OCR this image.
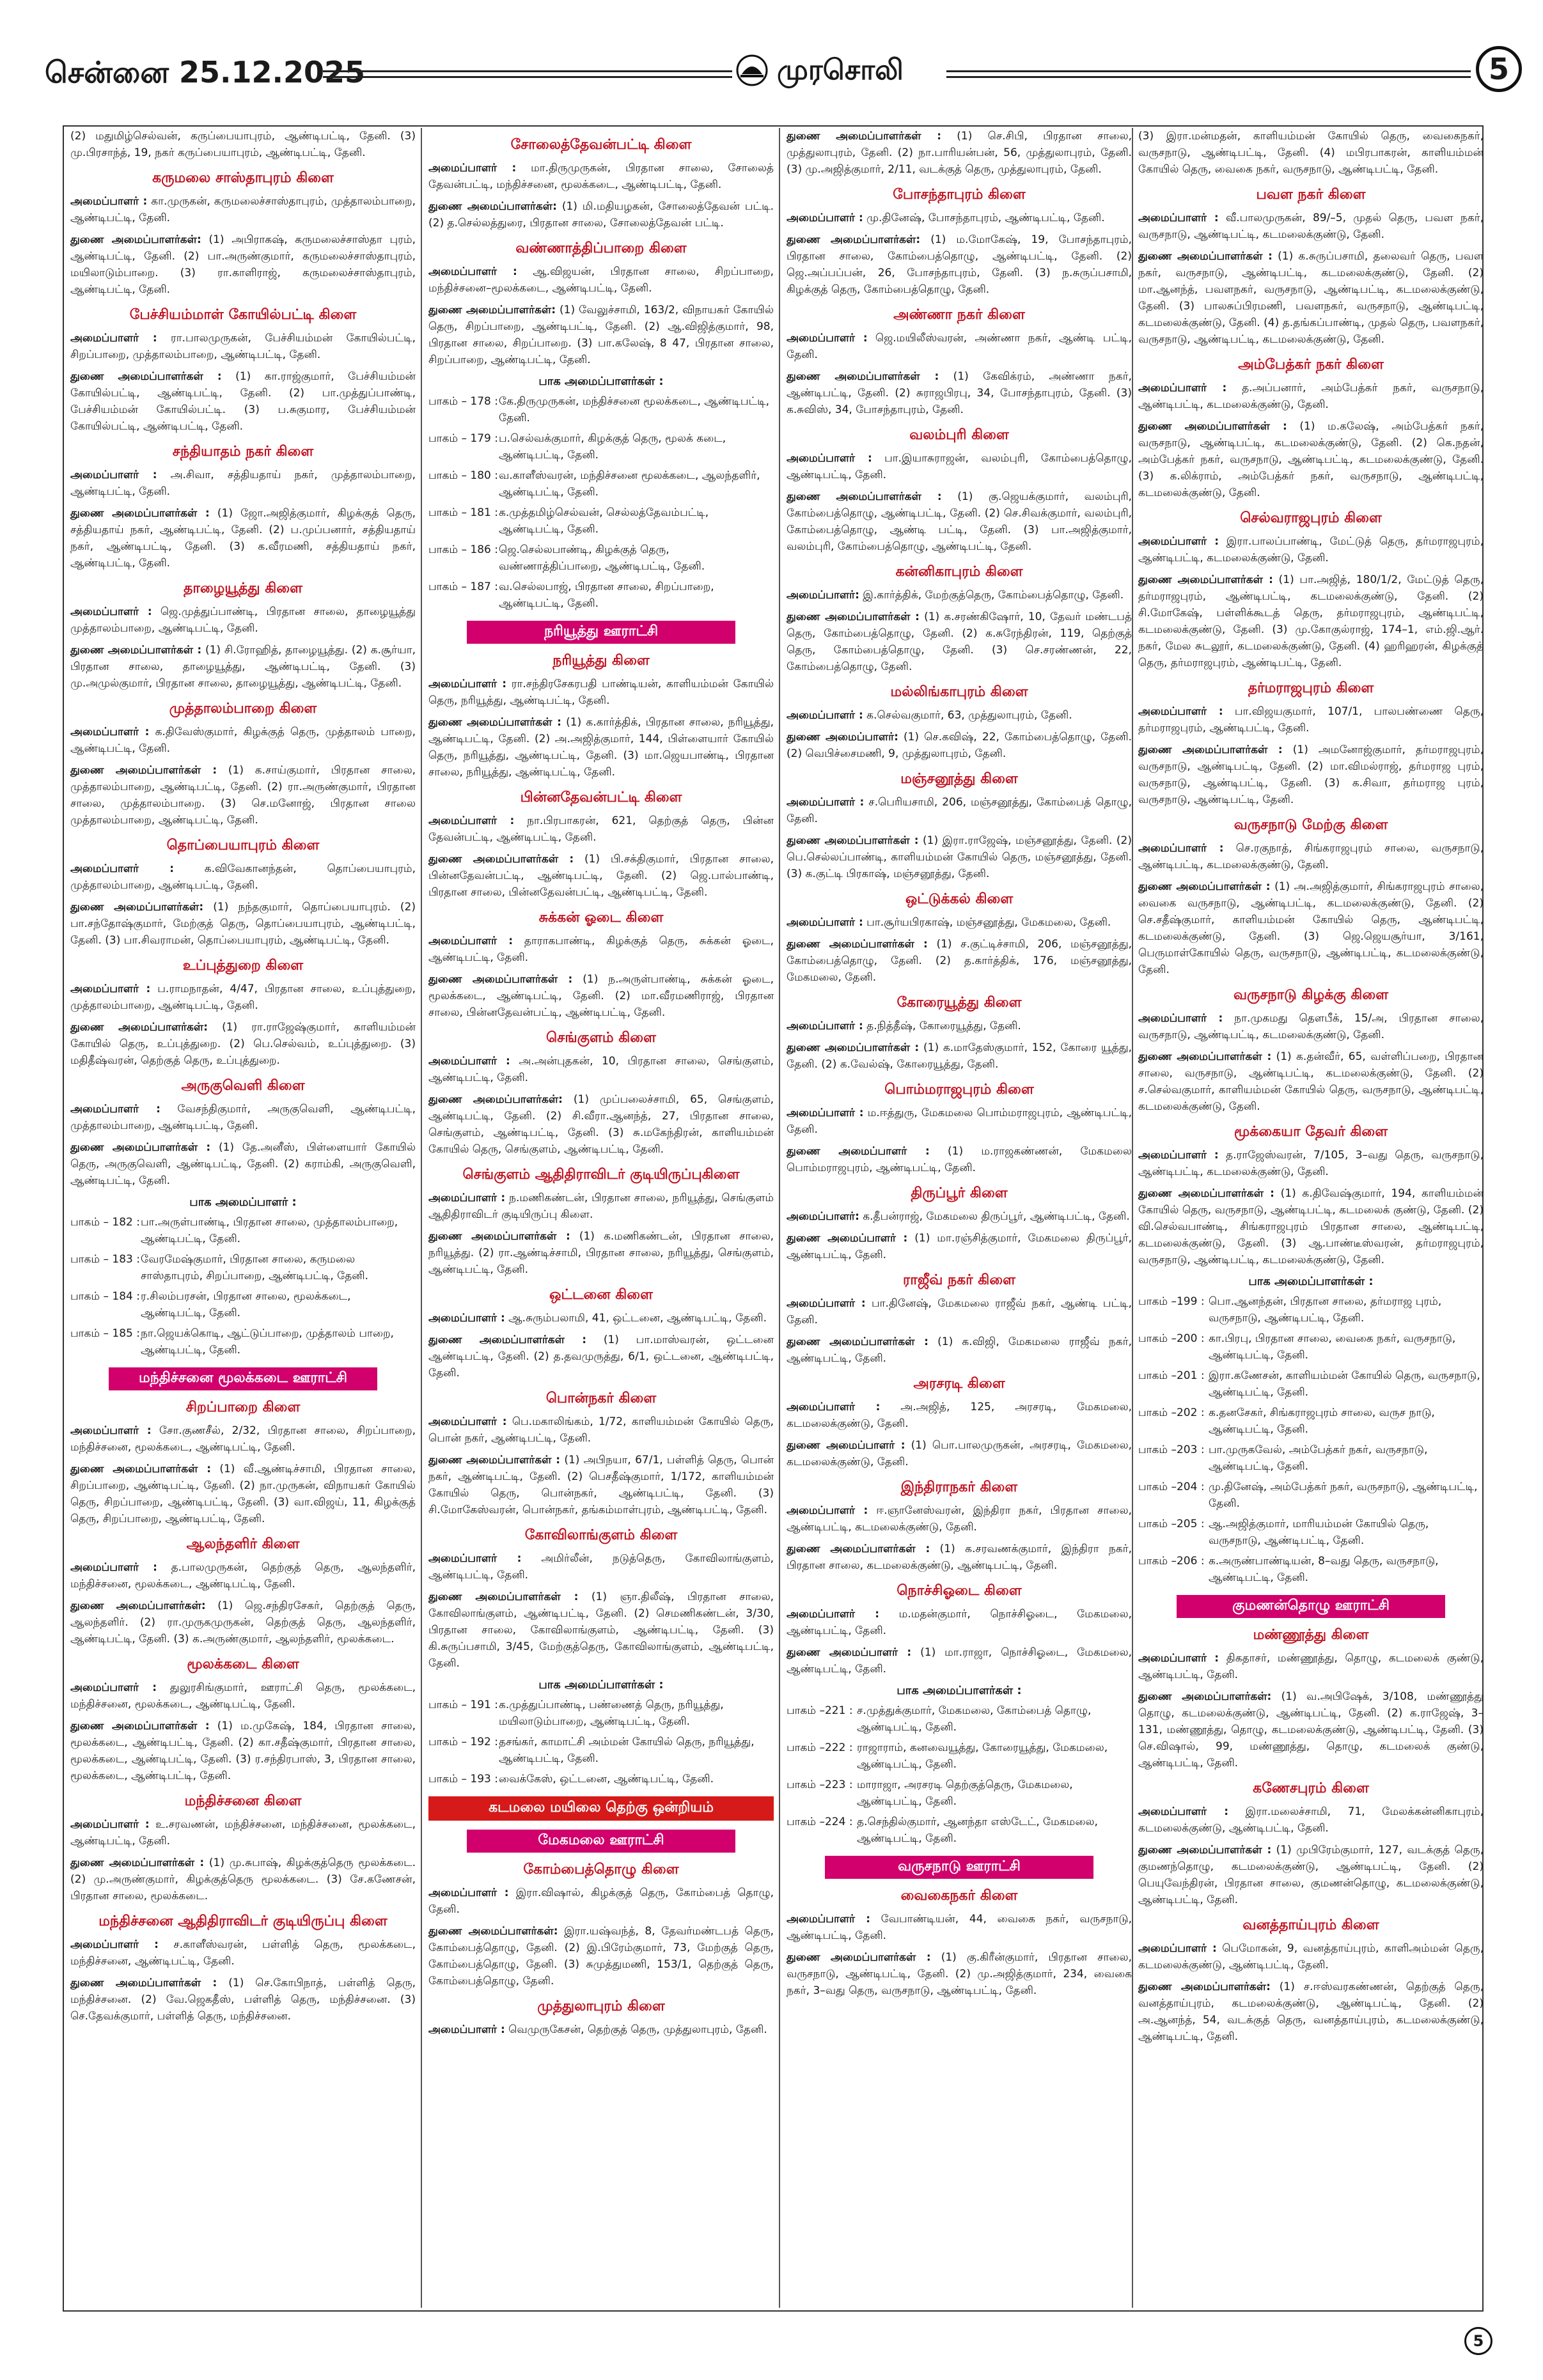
சென்னை 25.12.2025	முரசொலி	5

(2) மதுமிழ்செல்வன், கருப்பையாபுரம், ஆண்டிபட்டி, தேனி. (3) மு.பிரசாந்த், 19, நகர் கருப்பையாபுரம், ஆண்டிபட்டி, தேனி.

கருமலை சாஸ்தாபுரம் கிளை

அமைப்பாளர் : கா.முருகன், கருமலைச்சாஸ்தாபுரம், முத்தாலம்பாறை, ஆண்டிபட்டி, தேனி.

துணை அமைப்பாளர்கள்: (1) அபிராகஷ், கருமலைச்சாஸ்தா புரம், ஆண்டிபட்டி, தேனி. (2) பா.அருண்குமார், கருமலைச்சாஸ்தாபுரம், மயிலாடும்பாறை. (3) ரா.காளிராஜ், கருமலைச்சாஸ்தாபுரம், ஆண்டிபட்டி, தேனி.

பேச்சியம்மாள் கோயில்பட்டி கிளை

அமைப்பாளர் : ரா.பாலமுருகன், பேச்சியம்மன் கோயில்பட்டி, சிறப்பாறை, முத்தாலம்பாறை, ஆண்டிபட்டி, தேனி.

துணை அமைப்பாளர்கள் : (1) கா.ராஜ்குமார், பேச்சியம்மன் கோயில்பட்டி, ஆண்டிபட்டி, தேனி. (2) பா.முத்துப்பாண்டி, பேச்சியம்மன் கோயில்பட்டி. (3) ப.சுகுமார, பேச்சியம்மன் கோயில்பட்டி, ஆண்டிபட்டி, தேனி.

சந்தியாதம் நகர் கிளை

அமைப்பாளர் : அ.சிவா, சத்தியதாய் நகர், முத்தாலம்பாறை, ஆண்டிபட்டி, தேனி.

துணை அமைப்பாளர்கள் : (1) ஜோ.அஜித்குமார், கிழக்குத் தெரு, சத்தியதாய் நகர், ஆண்டிபட்டி, தேனி. (2) ப.முப்பனார், சத்தியதாய் நகர், ஆண்டிபட்டி, தேனி. (3) க.வீரமணி, சத்தியதாய் நகர், ஆண்டிபட்டி, தேனி.

தாழையூத்து கிளை

அமைப்பாளர் : ஜெ.முத்துப்பாண்டி, பிரதான சாலை, தாழையூத்து முத்தாலம்பாறை, ஆண்டிபட்டி, தேனி.

துணை அமைப்பாளர்கள் : (1) சி.ரோஹித், தாழையூத்து. (2) க.சூர்யா, பிரதான சாலை, தாழையூத்து, ஆண்டிபட்டி, தேனி. (3) மு.அமுல்குமார், பிரதான சாலை, தாழையூத்து, ஆண்டிபட்டி, தேனி.

முத்தாலம்பாறை கிளை

அமைப்பாளர் : க.திவேஸ்குமார், கிழக்குத் தெரு, முத்தாலம் பாறை, ஆண்டிபட்டி, தேனி.

துணை அமைப்பாளர்கள் : (1) க.சாய்குமார், பிரதான சாலை, முத்தாலம்பாறை, ஆண்டிபட்டி, தேனி. (2) ரா.அருண்குமார், பிரதான சாலை, முத்தாலம்பாறை. (3) செ.மனோஜ், பிரதான சாலை முத்தாலம்பாறை, ஆண்டிபட்டி, தேனி.

தொப்பையாபுரம் கிளை

அமைப்பாளர் : க.விவேகானந்தன், தொப்பையாபுரம், முத்தாலம்பாறை, ஆண்டிபட்டி, தேனி.

துணை அமைப்பாளர்கள்: (1) நந்தகுமார், தொப்பையாபுரம். (2) பா.சந்தோஷ்குமார், மேற்குத் தெரு, தொப்பையாபுரம், ஆண்டிபட்டி, தேனி. (3) பா.சிவராமன், தொப்பையாபுரம், ஆண்டிபட்டி, தேனி.

உப்புத்துறை கிளை

அமைப்பாளர் : ப.ராமநாதன், 4/47, பிரதான சாலை, உப்புத்துறை, முத்தாலம்பாறை, ஆண்டிபட்டி, தேனி.

துணை அமைப்பாளர்கள்: (1) ரா.ராஜேஷ்குமார், காளியம்மன் கோயில் தெரு, உப்புத்துறை. (2) பெ.செல்வம், உப்புத்துறை. (3) மதிதீஷ்வரன், தெற்குத் தெரு, உப்புத்துறை.

அருகுவெளி கிளை

அமைப்பாளர் : வேசந்திகுமார், அருகுவெளி, ஆண்டிபட்டி, முத்தாலம்பாறை, ஆண்டிபட்டி, தேனி.

துணை அமைப்பாளர்கள் : (1) தே.அனீஸ், பிள்ளையார் கோயில் தெரு, அருகுவெளி, ஆண்டிபட்டி, தேனி. (2) கராம்கி, அருகுவெளி, ஆண்டிபட்டி, தேனி.

பாக அமைப்பாளர் :
பாகம் – 182 : பா.அருள்பாண்டி, பிரதான சாலை, முத்தாலம்பாறை, ஆண்டிபட்டி, தேனி.
பாகம் – 183 : வேரமேஷ்குமார், பிரதான சாலை, கருமலை சாஸ்தாபுரம், சிறப்பாறை, ஆண்டிபட்டி, தேனி.
பாகம் – 184 : ர.சிலம்பரசன், பிரதான சாலை, மூலக்கடை, ஆண்டிபட்டி, தேனி.
பாகம் – 185 : நா.ஜெயக்கொடி, ஆட்டுப்பாறை, முத்தாலம் பாறை, ஆண்டிபட்டி, தேனி.
மந்திச்சனை மூலக்கடை ஊராட்சி
சிறப்பாறை கிளை

அமைப்பாளர் : சோ.குணசீல், 2/32, பிரதான சாலை, சிறப்பாறை, மந்திச்சனை, மூலக்கடை, ஆண்டிபட்டி, தேனி.

துணை அமைப்பாளர்கள் : (1) வீ.ஆண்டிச்சாமி, பிரதான சாலை, சிறப்பாறை, ஆண்டிபட்டி, தேனி. (2) நா.முருகன், விநாயகர் கோயில் தெரு, சிறப்பாறை, ஆண்டிபட்டி, தேனி. (3) வா.விஜய், 11, கிழக்குத் தெரு, சிறப்பாறை, ஆண்டிபட்டி, தேனி.

ஆலந்தளிர் கிளை

அமைப்பாளர் : த.பாலமுருகன், தெற்குத் தெரு, ஆலந்தளிர், மந்திச்சனை, மூலக்கடை, ஆண்டிபட்டி, தேனி.

துணை அமைப்பாளர்கள்: (1) ஜெ.சந்திரசேகர், தெற்குத் தெரு, ஆலந்தளிர். (2) ரா.முருகமுருகன், தெற்குத் தெரு, ஆலந்தளிர், ஆண்டிபட்டி, தேனி. (3) க.அருண்குமார், ஆலந்தளிர், மூலக்கடை.

மூலக்கடை கிளை

அமைப்பாளர் : துலுரசிங்குமார், ஊராட்சி தெரு, மூலக்கடை, மந்திச்சனை, மூலக்கடை, ஆண்டிபட்டி, தேனி.

துணை அமைப்பாளர்கள் : (1) ம.முகேஷ், 184, பிரதான சாலை, மூலக்கடை, ஆண்டிபட்டி, தேனி. (2) கா.சதீஷ்குமார், பிரதான சாலை, மூலக்கடை, ஆண்டிபட்டி, தேனி. (3) ர.சந்திரபாஸ், 3, பிரதான சாலை, மூலக்கடை, ஆண்டிபட்டி, தேனி.

மந்திச்சனை கிளை

அமைப்பாளர் : உ.சரவணன், மந்திச்சனை, மந்திச்சனை, மூலக்கடை, ஆண்டிபட்டி, தேனி.

துணை அமைப்பாளர்கள் : (1) மு.சுபாஷ், கிழக்குத்தெரு மூலக்கடை. (2) மு.அருண்குமார், கிழக்குத்தெரு மூலக்கடை. (3) சே.கணேசன், பிரதான சாலை, மூலக்கடை.

மந்திச்சனை ஆதிதிராவிடர் குடியிருப்பு கிளை

அமைப்பாளர் : ச.காளீஸ்வரன், பள்ளித் தெரு, மூலக்கடை, மந்திச்சனை, ஆண்டிபட்டி, தேனி.

துணை அமைப்பாளர்கள் : (1) செ.கோபிநாத், பள்ளித் தெரு, மந்திச்சனை. (2) வே.ஜெகதீஸ், பள்ளித் தெரு, மந்திச்சனை. (3) செ.தேவக்குமார், பள்ளித் தெரு, மந்திச்சனை.

சோலைத்தேவன்பட்டி கிளை

அமைப்பாளர் : மா.திருமுருகன், பிரதான சாலை, சோலைத் தேவன்பட்டி, மந்திச்சனை, மூலக்கடை, ஆண்டிபட்டி, தேனி.

துணை அமைப்பாளர்கள்: (1) மி.மதியழகன், சோலைத்தேவன் பட்டி. (2) த.செல்லத்துரை, பிரதான சாலை, சோலைத்தேவன் பட்டி.

வண்ணாத்திப்பாறை கிளை

அமைப்பாளர் : ஆ.விஜயன், பிரதான சாலை, சிறப்பாறை, மந்திச்சனை–மூலக்கடை, ஆண்டிபட்டி, தேனி.

துணை அமைப்பாளர்கள்: (1) வேலுச்சாமி, 163/2, விநாயகர் கோயில் தெரு, சிறப்பாறை, ஆண்டிபட்டி, தேனி. (2) ஆ.விஜித்குமார், 98, பிரதான சாலை, சிறப்பாறை. (3) பா.கலேஷ், 8 47, பிரதான சாலை, சிறப்பாறை, ஆண்டிபட்டி, தேனி.

பாக அமைப்பாளர்கள் :
பாகம் – 178 : கே.திருமுருகன், மந்திச்சனை மூலக்கடை, ஆண்டிபட்டி, தேனி.
பாகம் – 179 : ப.செல்வக்குமார், கிழக்குத் தெரு, மூலக் கடை, ஆண்டிபட்டி, தேனி.
பாகம் – 180 : வ.காளீஸ்வரன், மந்திச்சனை மூலக்கடை, ஆலந்தளிர், ஆண்டிபட்டி, தேனி.
பாகம் – 181 : க.முத்தமிழ்செல்வன், செல்லத்தேவம்பட்டி, ஆண்டிபட்டி, தேனி.
பாகம் – 186 : ஜெ.செல்லபாண்டி, கிழக்குத் தெரு, வண்ணாத்திப்பாறை, ஆண்டிபட்டி, தேனி.
பாகம் – 187 : வ.செல்லபாஜ், பிரதான சாலை, சிறப்பாறை, ஆண்டிபட்டி, தேனி.
நரியூத்து ஊராட்சி
நரியூத்து கிளை

அமைப்பாளர் : ரா.சந்திரசேகரபதி பாண்டியன், காளியம்மன் கோயில் தெரு, நரியூத்து, ஆண்டிபட்டி, தேனி.

துணை அமைப்பாளர்கள் : (1) க.கார்த்திக், பிரதான சாலை, நரியூத்து, ஆண்டிபட்டி, தேனி. (2) அ.அஜித்குமார், 144, பிள்ளையார் கோயில் தெரு, நரியூத்து, ஆண்டிபட்டி, தேனி. (3) மா.ஜெயபாண்டி, பிரதான சாலை, நரியூத்து, ஆண்டிபட்டி, தேனி.

பின்னதேவன்பட்டி கிளை

அமைப்பாளர் : நா.பிரபாகரன், 621, தெற்குத் தெரு, பின்ன தேவன்பட்டி, ஆண்டிபட்டி, தேனி.

துணை அமைப்பாளர்கள் : (1) பி.சக்திகுமார், பிரதான சாலை, பின்னதேவன்பட்டி, ஆண்டிபட்டி, தேனி. (2) ஜெ.பால்பாண்டி, பிரதான சாலை, பின்னதேவன்பட்டி, ஆண்டிபட்டி, தேனி.

சுக்கன் ஓடை கிளை

அமைப்பாளர் : தாராகபாண்டி, கிழக்குத் தெரு, சுக்கன் ஓடை, ஆண்டிபட்டி, தேனி.

துணை அமைப்பாளர்கள் : (1) ந.அருள்பாண்டி, சுக்கன் ஓடை, மூலக்கடை, ஆண்டிபட்டி, தேனி. (2) மா.வீரமணிராஜ், பிரதான சாலை, பின்னதேவன்பட்டி, ஆண்டிபட்டி, தேனி.

செங்குளம் கிளை

அமைப்பாளர் : அ.அன்புதகன், 10, பிரதான சாலை, செங்குளம், ஆண்டிபட்டி, தேனி.

துணை அமைப்பாளர்கள்: (1) முப்பலைச்சாமி, 65, செங்குளம், ஆண்டிபட்டி, தேனி. (2) சி.வீரா.ஆனந்த், 27, பிரதான சாலை, செங்குளம், ஆண்டிபட்டி, தேனி. (3) சு.மகேந்திரன், காளியம்மன் கோயில் தெரு, செங்குளம், ஆண்டிபட்டி, தேனி.

செங்குளம் ஆதிதிராவிடர் குடியிருப்புகிளை

அமைப்பாளர் : ந.மணிகண்டன், பிரதான சாலை, நரியூத்து, செங்குளம் ஆதிதிராவிடர் குடியிருப்பு கிளை.

துணை அமைப்பாளர்கள் : (1) க.மணிகண்டன், பிரதான சாலை, நரியூத்து. (2) ரா.ஆண்டிச்சாமி, பிரதான சாலை, நரியூத்து, செங்குளம், ஆண்டிபட்டி, தேனி.

ஒட்டனை கிளை

அமைப்பாளர் : ஆ.சுரும்பலாமி, 41, ஒட்டனை, ஆண்டிபட்டி, தேனி.

துணை அமைப்பாளர்கள் : (1) பா.மாஸ்வரன், ஒட்டனை ஆண்டிபட்டி, தேனி. (2) த.தவமுருத்து, 6/1, ஒட்டனை, ஆண்டிபட்டி, தேனி.

பொன்நகர் கிளை

அமைப்பாளர் : பெ.மகாலிங்கம், 1/72, காளியம்மன் கோயில் தெரு, பொன் நகர், ஆண்டிபட்டி, தேனி.

துணை அமைப்பாளர்கள் : (1) அபிநயா, 67/1, பள்ளித் தெரு, பொன் நகர், ஆண்டிபட்டி, தேனி. (2) பெசதீஷ்குமார், 1/172, காளியம்மன் கோயில் தெரு, பொன்நகர், ஆண்டிபட்டி, தேனி. (3) சி.மோகேஸ்வரன், பொன்நகர், தங்கம்மாள்புரம், ஆண்டிபட்டி, தேனி.

கோவிலாங்குளம் கிளை

அமைப்பாளர் : அமிர்லீன், நடுத்தெரு, கோவிலாங்குளம், ஆண்டிபட்டி, தேனி.

துணை அமைப்பாளர்கள் : (1) ஞா.திலீஷ், பிரதான சாலை, கோவிலாங்குளம், ஆண்டிபட்டி, தேனி. (2) செமணிகண்டன், 3/30, பிரதான சாலை, கோவிலாங்குளம், ஆண்டிபட்டி, தேனி. (3) கி.சுருப்பசாமி, 3/45, மேற்குத்தெரு, கோவிலாங்குளம், ஆண்டிபட்டி, தேனி.

பாக அமைப்பாளர்கள் :
பாகம் – 191 : க.முத்துப்பாண்டி, பண்ணைத் தெரு, நரியூத்து, மயிலாடும்பாறை, ஆண்டிபட்டி, தேனி.
பாகம் – 192 : தசங்கர், காமாட்சி அம்மன் கோயில் தெரு, நரியூத்து, ஆண்டிபட்டி, தேனி.
பாகம் – 193 : வைக்கேஸ், ஒட்டனை, ஆண்டிபட்டி, தேனி.
கடமலை மயிலை தெற்கு ஒன்றியம்
மேகமலை ஊராட்சி
கோம்பைத்தொழு கிளை

அமைப்பாளர் : இரா.விஷால், கிழக்குத் தெரு, கோம்பைத் தொழு, தேனி.

துணை அமைப்பாளர்கள்: இரா.யஷ்வந்த், 8, தேவர்மண்டபத் தெரு, கோம்பைத்தொழு, தேனி. (2) இ.பிரேம்குமார், 73, மேற்குத் தெரு, கோம்பைத்தொழு, தேனி. (3) சுமுத்துமணி, 153/1, தெற்குத் தெரு, கோம்பைத்தொழு, தேனி.

முத்துலாபுரம் கிளை

அமைப்பாளர் : வெமுருகேசன், தெற்குத் தெரு, முத்துலாபுரம், தேனி.

துணை அமைப்பாளர்கள் : (1) செ.சிபி, பிரதான சாலை, முத்துலாபுரம், தேனி. (2) நா.பாரியன்பன், 56, முத்துலாபுரம், தேனி. (3) மு.அஜித்குமார், 2/11, வடக்குத் தெரு, முத்துலாபுரம், தேனி.

போசந்தாபுரம் கிளை

அமைப்பாளர் : மு.தினேஷ், போசந்தாபுரம், ஆண்டிபட்டி, தேனி.

துணை அமைப்பாளர்கள்: (1) ம.மோகேஷ், 19, போசந்தாபுரம், பிரதான சாலை, கோம்பைத்தொழு, ஆண்டிபட்டி, தேனி. (2) ஜெ.அப்பப்பன், 26, போசந்தாபுரம், தேனி. (3) ந.சுருப்பசாமி, கிழக்குத் தெரு, கோம்பைத்தொழு, தேனி.

அண்ணா நகர் கிளை

அமைப்பாளர் : ஜெ.மயிலீஸ்வரன், அண்ணா நகர், ஆண்டி பட்டி, தேனி.

துணை அமைப்பாளர்கள் : (1) கேவிக்ரம், அண்ணா நகர், ஆண்டிபட்டி, தேனி. (2) சுராஜபிரபு, 34, போசந்தாபுரம், தேனி. (3) க.சுவிஸ், 34, போசந்தாபுரம், தேனி.

வலம்புரி கிளை

அமைப்பாளர் : பா.இயாசுராஜன், வலம்புரி, கோம்பைத்தொழு, ஆண்டிபட்டி, தேனி.

துணை அமைப்பாளர்கள் : (1) கு.ஜெயக்குமார், வலம்புரி, கோம்பைத்தொழு, ஆண்டிபட்டி, தேனி. (2) செ.சிவக்குமார், வலம்புரி, கோம்பைத்தொழு, ஆண்டி பட்டி, தேனி. (3) பா.அஜித்குமார், வலம்புரி, கோம்பைத்தொழு, ஆண்டிபட்டி, தேனி.

கன்னிகாபுரம் கிளை

அமைப்பாளர்: இ.கார்த்திக், மேற்குத்தெரு, கோம்பைத்தொழு, தேனி.

துணை அமைப்பாளர்கள் : (1) க.சரண்கிஷோர், 10, தேவர் மண்டபத் தெரு, கோம்பைத்தொழு, தேனி. (2) க.சுரேந்திரன், 119, தெற்குத் தெரு, கோம்பைத்தொழு, தேனி. (3) செ.சரண்ணன், 22, கோம்பைத்தொழு, தேனி.

மல்லிங்காபுரம் கிளை

அமைப்பாளர் : க.செல்வகுமார், 63, முத்துலாபுரம், தேனி.

துணை அமைப்பாளர்: (1) செ.கவிஷ், 22, கோம்பைத்தொழு, தேனி. (2) வெபிச்சைமணி, 9, முத்துலாபுரம், தேனி.

மஞ்சனூத்து கிளை

அமைப்பாளர் : ச.பெரியசாமி, 206, மஞ்சனூத்து, கோம்பைத் தொழு, தேனி.

துணை அமைப்பாளர்கள் : (1) இரா.ராஜேஷ், மஞ்சனூத்து, தேனி. (2) பெ.செல்லப்பாண்டி, காளியம்மன் கோயில் தெரு, மஞ்சனூத்து, தேனி. (3) க.குட்டி பிரகாஷ், மஞ்சனூத்து, தேனி.

ஒட்டுக்கல் கிளை

அமைப்பாளர் : பா.சூர்யபிரகாஷ், மஞ்சனூத்து, மேகமலை, தேனி.

துணை அமைப்பாளர்கள் : (1) ச.குட்டிச்சாமி, 206, மஞ்சனூத்து, கோம்பைத்தொழு, தேனி. (2) த.கார்த்திக், 176, மஞ்சனூத்து, மேகமலை, தேனி.

கோரையூத்து கிளை

அமைப்பாளர் : த.நித்தீஷ், கோரையூத்து, தேனி.

துணை அமைப்பாளர்கள் : (1) க.மாதேஸ்குமார், 152, கோரை யூத்து, தேனி. (2) க.வேல்ஷ், கோரையூத்து, தேனி.

பொம்மராஜபுரம் கிளை

அமைப்பாளர் : ம.ஈத்துரு, மேகமலை பொம்மராஜபுரம், ஆண்டிபட்டி, தேனி.

துணை அமைப்பாளர் : (1) ம.ராஜகண்ணன், மேகமலை பொம்மராஜபுரம், ஆண்டிபட்டி, தேனி.

திருப்பூர் கிளை

அமைப்பாளர்: க.தீபன்ராஜ், மேகமலை திருப்பூர், ஆண்டிபட்டி, தேனி.

துணை அமைப்பாளர் : (1) மா.ரஞ்சித்குமார், மேகமலை திருப்பூர், ஆண்டிபட்டி, தேனி.

ராஜீவ் நகர் கிளை

அமைப்பாளர் : பா.தினேஷ், மேகமலை ராஜீவ் நகர், ஆண்டி பட்டி, தேனி.

துணை அமைப்பாளர்கள் : (1) க.விஜி, மேகமலை ராஜீவ் நகர், ஆண்டிபட்டி, தேனி.

அரசரடி கிளை

அமைப்பாளர் : அ.அஜித், 125, அரசரடி, மேகமலை, கடமலைக்குண்டு, தேனி.

துணை அமைப்பாளர் : (1) பொ.பாலமுருகன், அரசரடி, மேகமலை, கடமலைக்குண்டு, தேனி.

இந்திராநகர் கிளை

அமைப்பாளர் : ஈ.ஞானேஸ்வரன், இந்திரா நகர், பிரதான சாலை, ஆண்டிபட்டி, கடமலைக்குண்டு, தேனி.

துணை அமைப்பாளர்கள் : (1) க.சரவணக்குமார், இந்திரா நகர், பிரதான சாலை, கடமலைக்குண்டு, ஆண்டிபட்டி, தேனி.

நொச்சிஓடை கிளை

அமைப்பாளர் : ம.மதன்குமார், நொச்சிஓடை, மேகமலை, ஆண்டிபட்டி, தேனி.

துணை அமைப்பாளர் : (1) மா.ராஜா, நொச்சிஓடை, மேகமலை, ஆண்டிபட்டி, தேனி.

பாக அமைப்பாளர்கள் :
பாகம் –221 : ச.முத்துக்குமார், மேகமலை, கோம்பைத் தொழு, ஆண்டிபட்டி, தேனி.
பாகம் –222 : ராஜாராம், கனவையூத்து, கோரையூத்து, மேகமலை, ஆண்டிபட்டி, தேனி.
பாகம் –223 : மாராஜா, அரசரடி தெற்குத்தெரு, மேகமலை, ஆண்டிபட்டி, தேனி.
பாகம் –224 : த.செந்தில்குமார், ஆனந்தா எஸ்டேட், மேகமலை, ஆண்டிபட்டி, தேனி.
வருசநாடு ஊராட்சி
வைகைநகர் கிளை

அமைப்பாளர் : வேபாண்டியன், 44, வைகை நகர், வருசநாடு, ஆண்டிபட்டி, தேனி.

துணை அமைப்பாளர்கள் : (1) கு.கிரீன்குமார், பிரதான சாலை, வருசநாடு, ஆண்டிபட்டி, தேனி. (2) மு.அஜித்குமார், 234, வைகை நகர், 3–வது தெரு, வருசநாடு, ஆண்டிபட்டி, தேனி.

(3) இரா.மன்மதன், காளியம்மன் கோயில் தெரு, வைகைநகர், வருசநாடு, ஆண்டிபட்டி, தேனி. (4) மபிரபாகரன், காளியம்மன் கோயில் தெரு, வைகை நகர், வருசநாடு, ஆண்டிபட்டி, தேனி.

பவள நகர் கிளை

அமைப்பாளர் : வீ.பாலமுருகன், 89/–5, முதல் தெரு, பவள நகர், வருசநாடு, ஆண்டிபட்டி, கடமலைக்குண்டு, தேனி.

துணை அமைப்பாளர்கள் : (1) க.சுருப்பசாமி, தலைவர் தெரு, பவள நகர், வருசநாடு, ஆண்டிபட்டி, கடமலைக்குண்டு, தேனி. (2) மா.ஆனந்த், பவளநகர், வருசநாடு, ஆண்டிபட்டி, கடமலைக்குண்டு, தேனி. (3) பாலசுப்பிரமணி, பவளநகர், வருசநாடு, ஆண்டிபட்டி, கடமலைக்குண்டு, தேனி. (4) த.தங்கப்பாண்டி, முதல் தெரு, பவளநகர், வருசநாடு, ஆண்டிபட்டி, கடமலைக்குண்டு, தேனி.

அம்பேத்கர் நகர் கிளை

அமைப்பாளர் : த.அப்பனார், அம்பேத்கர் நகர், வருசநாடு, ஆண்டிபட்டி, கடமலைக்குண்டு, தேனி.

துணை அமைப்பாளர்கள் : (1) ம.கலேஷ், அம்பேத்கர் நகர், வருசநாடு, ஆண்டிபட்டி, கடமலைக்குண்டு, தேனி. (2) கெ.நதன், அம்பேத்கர் நகர், வருசநாடு, ஆண்டிபட்டி, கடமலைக்குண்டு, தேனி. (3) க.லிக்ராம், அம்பேத்கர் நகர், வருசநாடு, ஆண்டிபட்டி, கடமலைக்குண்டு, தேனி.

செல்வராஜபுரம் கிளை

அமைப்பாளர் : இரா.பாலப்பாண்டி, மேட்டுத் தெரு, தர்மராஜபுரம், ஆண்டிபட்டி, கடமலைக்குண்டு, தேனி.

துணை அமைப்பாளர்கள் : (1) பா.அஜித், 180/1/2, மேட்டுத் தெரு, தர்மராஜபுரம், ஆண்டிபட்டி, கடமலைக்குண்டு, தேனி. (2) சி.மோகேஷ், பள்ளிக்கூடத் தெரு, தர்மராஜபுரம், ஆண்டிபட்டி, கடமலைக்குண்டு, தேனி. (3) மு.கோகுல்ராஜ், 174–1, எம்.ஜி.ஆர். நகர், மேல சுடலூர், கடமலைக்குண்டு, தேனி. (4) ஹரிஹரன், கிழக்குத் தெரு, தர்மராஜபுரம், ஆண்டிபட்டி, தேனி.

தர்மராஜபுரம் கிளை

அமைப்பாளர் : பா.விஜயகுமார், 107/1, பாலபண்ணை தெரு, தர்மராஜபுரம், ஆண்டிபட்டி, தேனி.

துணை அமைப்பாளர்கள் : (1) அமனோஜ்குமார், தர்மராஜபுரம், வருசநாடு, ஆண்டிபட்டி, தேனி. (2) மா.விமல்ராஜ், தர்மராஜ புரம், வருசநாடு, ஆண்டிபட்டி, தேனி. (3) க.சிவா, தர்மராஜ புரம், வருசநாடு, ஆண்டிபட்டி, தேனி.

வருசநாடு மேற்கு கிளை

அமைப்பாளர் : செ.ரகுநாத், சிங்கராஜபுரம் சாலை, வருசநாடு, ஆண்டிபட்டி, கடமலைக்குண்டு, தேனி.

துணை அமைப்பாளர்கள் : (1) அ.அஜித்குமார், சிங்கராஜபுரம் சாலை, வைகை வருசநாடு, ஆண்டிபட்டி, கடமலைக்குண்டு, தேனி. (2) செ.சதீஷ்குமார், காளியம்மன் கோயில் தெரு, ஆண்டிபட்டி, கடமலைக்குண்டு, தேனி. (3) ஜெ.ஜெயசூர்யா, 3/161, பெருமாள்கோயில் தெரு, வருசநாடு, ஆண்டிபட்டி, கடமலைக்குண்டு, தேனி.

வருசநாடு கிழக்கு கிளை

அமைப்பாளர் : நா.முகமது தௌபீக், 15/அ, பிரதான சாலை, வருசநாடு, ஆண்டிபட்டி, கடமலைக்குண்டு, தேனி.

துணை அமைப்பாளர்கள் : (1) க.தன்வீர், 65, வள்ளிப்பறை, பிரதான சாலை, வருசநாடு, ஆண்டிபட்டி, கடமலைக்குண்டு, தேனி. (2) ச.செல்வகுமார், காளியம்மன் கோயில் தெரு, வருசநாடு, ஆண்டிபட்டி, கடமலைக்குண்டு, தேனி.

மூக்கையா தேவர் கிளை

அமைப்பாளர் : த.ராஜேஸ்வரன், 7/105, 3–வது தெரு, வருசநாடு, ஆண்டிபட்டி, கடமலைக்குண்டு, தேனி.

துணை அமைப்பாளர்கள் : (1) க.திவேஷ்குமார், 194, காளியம்மன் கோயில் தெரு, வருசநாடு, ஆண்டிபட்டி, கடமலைக் குண்டு, தேனி. (2) வி.செல்வபாண்டி, சிங்கராஜபுரம் பிரதான சாலை, ஆண்டிபட்டி, கடமலைக்குண்டு, தேனி. (3) ஆ.பாண்டீஸ்வரன், தர்மராஜபுரம், வருசநாடு, ஆண்டிபட்டி, கடமலைக்குண்டு, தேனி.

பாக அமைப்பாளர்கள் :
பாகம் –199 : பொ.ஆனந்தன், பிரதான சாலை, தர்மராஜ புரம், வருசநாடு, ஆண்டிபட்டி, தேனி.
பாகம் –200 : கா.பிரபு, பிரதான சாலை, வைகை நகர், வருசநாடு, ஆண்டிபட்டி, தேனி.
பாகம் –201 : இரா.கணேசன், காளியம்மன் கோயில் தெரு, வருசநாடு, ஆண்டிபட்டி, தேனி.
பாகம் –202 : க.தனசேகர், சிங்கராஜபுரம் சாலை, வருச நாடு, ஆண்டிபட்டி, தேனி.
பாகம் –203 : பா.முருகவேல், அம்பேத்கர் நகர், வருசநாடு, ஆண்டிபட்டி, தேனி.
பாகம் –204 : மு.தினேஷ், அம்பேத்கர் நகர், வருசநாடு, ஆண்டிபட்டி, தேனி.
பாகம் –205 : ஆ.அஜித்குமார், மாரியம்மன் கோயில் தெரு, வருசநாடு, ஆண்டிபட்டி, தேனி.
பாகம் –206 : க.அருண்பாண்டியன், 8–வது தெரு, வருசநாடு, ஆண்டிபட்டி, தேனி.
குமணன்தொழு ஊராட்சி
மண்ணூத்து கிளை

அமைப்பாளர் : திகதாசர், மண்ணூத்து, தொழு, கடமலைக் குண்டு, ஆண்டிபட்டி, தேனி.

துணை அமைப்பாளர்கள்: (1) வ.அபிஷேக், 3/108, மண்ணூத்து தொழு, கடமலைக்குண்டு, ஆண்டிபட்டி, தேனி. (2) க.ராஜேஷ், 3–131, மண்ணூத்து, தொழு, கடமலைக்குண்டு, ஆண்டிபட்டி, தேனி. (3) செ.விஷால், 99, மண்ணூத்து, தொழு, கடமலைக் குண்டு, ஆண்டிபட்டி, தேனி.

கணேசபுரம் கிளை

அமைப்பாளர் : இரா.மலைச்சாமி, 71, மேலக்கன்னிகாபுரம், கடமலைக்குண்டு, ஆண்டிபட்டி, தேனி.

துணை அமைப்பாளர்கள் : (1) முபிரேம்குமார், 127, வடக்குத் தெரு, குமணந்தொழு, கடமலைக்குண்டு, ஆண்டிபட்டி, தேனி. (2) பெயுவேந்திரன், பிரதான சாலை, குமணன்தொழு, கடமலைக்குண்டு, ஆண்டிபட்டி, தேனி.

வனத்தாய்புரம் கிளை

அமைப்பாளர் : பெமோகன், 9, வனத்தாய்புரம், காளிஅம்மன் தெரு, கடமலைக்குண்டு, ஆண்டிபட்டி, தேனி.

துணை அமைப்பாளர்கள்: (1) ச.ஈஸ்வரகண்ணன், தெற்குத் தெரு, வனத்தாய்புரம், கடமலைக்குண்டு, ஆண்டிபட்டி, தேனி. (2) அ.ஆனந்த், 54, வடக்குத் தெரு, வனத்தாய்புரம், கடமலைக்குண்டு, ஆண்டிபட்டி, தேனி.

5
